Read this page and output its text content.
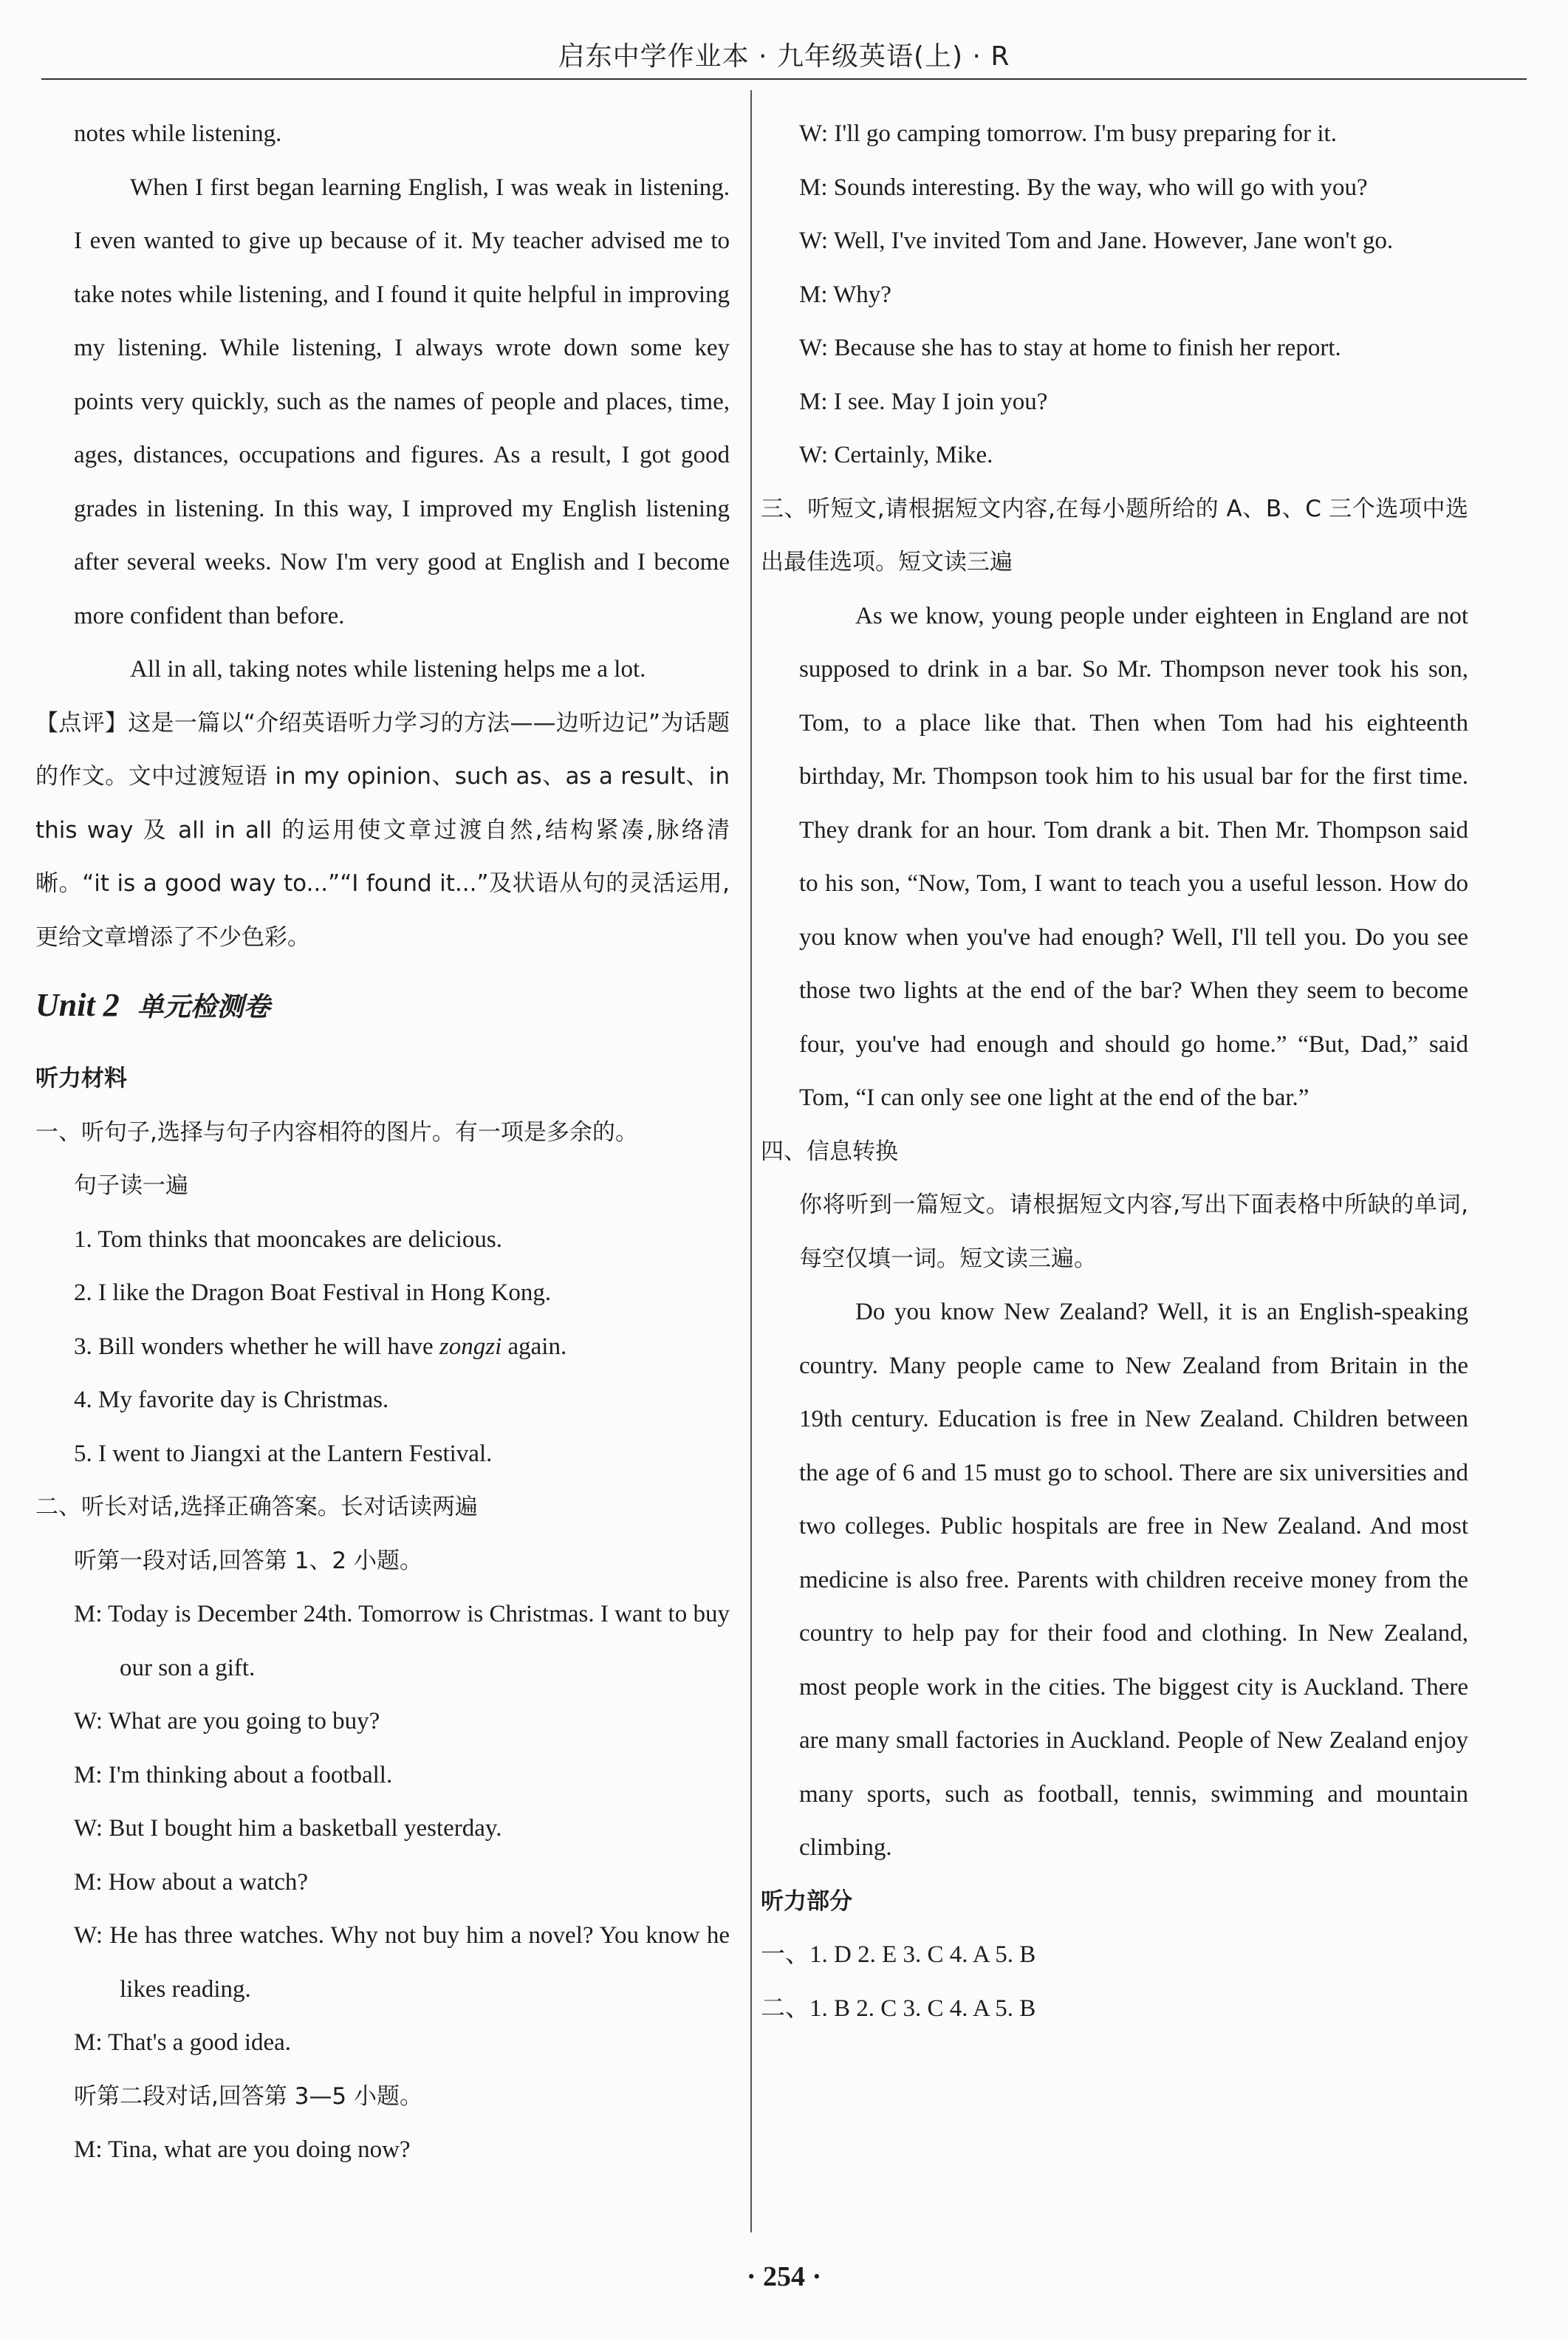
启东中学作业本 · 九年级英语(上) · R

notes while listening.

When I first began learning English, I was weak in listening. I even wanted to give up because of it. My teacher advised me to take notes while listening, and I found it quite helpful in improving my listening. While listening, I always wrote down some key points very quickly, such as the names of people and places, time, ages, distances, occupations and figures. As a result, I got good grades in listening. In this way, I improved my English listening after several weeks. Now I'm very good at English and I become more confident than before.

All in all, taking notes while listening helps me a lot.

【点评】这是一篇以“介绍英语听力学习的方法——边听边记”为话题的作文。文中过渡短语 in my opinion、such as、as a result、in this way 及 all in all 的运用使文章过渡自然,结构紧凑,脉络清晰。“it is a good way to...”“I found it...”及状语从句的灵活运用,更给文章增添了不少色彩。

Unit 2 单元检测卷

听力材料

一、听句子,选择与句子内容相符的图片。有一项是多余的。

句子读一遍

1. Tom thinks that mooncakes are delicious.

2. I like the Dragon Boat Festival in Hong Kong.

3. Bill wonders whether he will have zongzi again.

4. My favorite day is Christmas.

5. I went to Jiangxi at the Lantern Festival.

二、听长对话,选择正确答案。长对话读两遍

听第一段对话,回答第 1、2 小题。

M: Today is December 24th. Tomorrow is Christmas. I want to buy our son a gift.

W: What are you going to buy?

M: I'm thinking about a football.

W: But I bought him a basketball yesterday.

M: How about a watch?

W: He has three watches. Why not buy him a novel? You know he likes reading.

M: That's a good idea.

听第二段对话,回答第 3—5 小题。

M: Tina, what are you doing now?

W: I'll go camping tomorrow. I'm busy preparing for it.

M: Sounds interesting. By the way, who will go with you?

W: Well, I've invited Tom and Jane. However, Jane won't go.

M: Why?

W: Because she has to stay at home to finish her report.

M: I see. May I join you?

W: Certainly, Mike.

三、听短文,请根据短文内容,在每小题所给的 A、B、C 三个选项中选出最佳选项。短文读三遍

As we know, young people under eighteen in England are not supposed to drink in a bar. So Mr. Thompson never took his son, Tom, to a place like that. Then when Tom had his eighteenth birthday, Mr. Thompson took him to his usual bar for the first time. They drank for an hour. Tom drank a bit. Then Mr. Thompson said to his son, “Now, Tom, I want to teach you a useful lesson. How do you know when you've had enough? Well, I'll tell you. Do you see those two lights at the end of the bar? When they seem to become four, you've had enough and should go home.” “But, Dad,” said Tom, “I can only see one light at the end of the bar.”

四、信息转换

你将听到一篇短文。请根据短文内容,写出下面表格中所缺的单词,每空仅填一词。短文读三遍。

Do you know New Zealand? Well, it is an English-speaking country. Many people came to New Zealand from Britain in the 19th century. Education is free in New Zealand. Children between the age of 6 and 15 must go to school. There are six universities and two colleges. Public hospitals are free in New Zealand. And most medicine is also free. Parents with children receive money from the country to help pay for their food and clothing. In New Zealand, most people work in the cities. The biggest city is Auckland. There are many small factories in Auckland. People of New Zealand enjoy many sports, such as football, tennis, swimming and mountain climbing.

听力部分

一、1. D 2. E 3. C 4. A 5. B

二、1. B 2. C 3. C 4. A 5. B

· 254 ·
